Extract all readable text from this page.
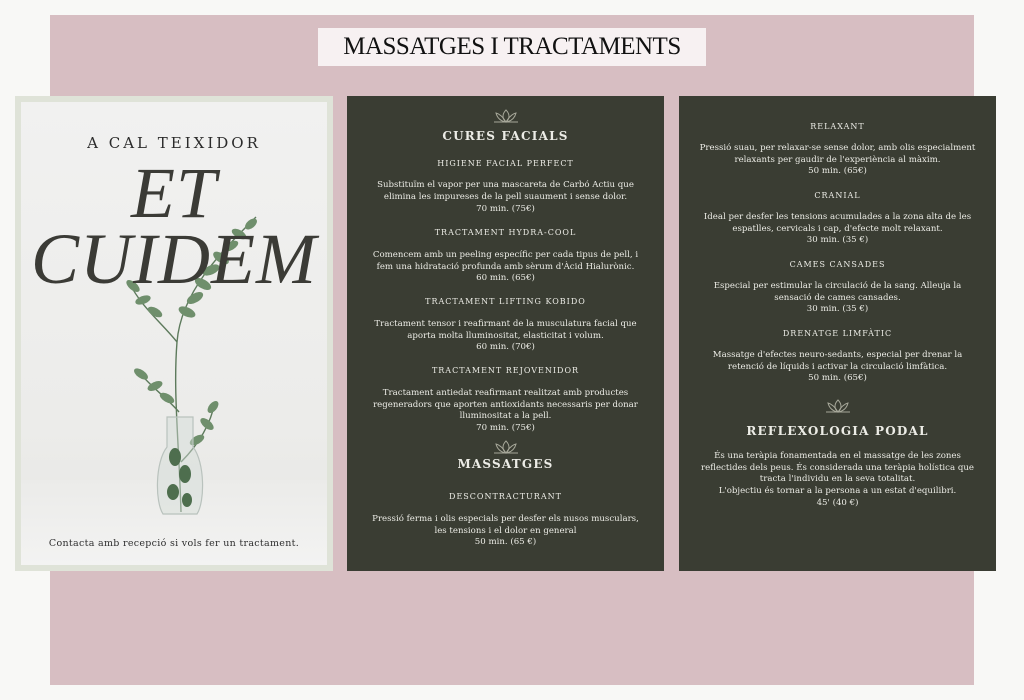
MASSATGES I TRACTAMENTS
A CAL TEIXIDOR
ET
CUIDEM
Contacta amb recepció si vols fer un tractament.
CURES FACIALS
HIGIENE FACIAL PERFECT
Substituïm el vapor per una mascareta de Carbó Actiu que
elimina les impureses de la pell suaument i sense dolor.
70 min. (75€)
TRACTAMENT HYDRA-COOL
Comencem amb un peeling específic per cada tipus de pell, i
fem una hidratació profunda amb sèrum d'Àcid Hialurònic.
60 min. (65€)
TRACTAMENT LIFTING KOBIDO
Tractament tensor i reafirmant de la musculatura facial que
aporta molta lluminositat, elasticitat i volum.
60 min. (70€)
TRACTAMENT REJOVENIDOR
Tractament antiedat reafirmant realitzat amb productes
regeneradors que aporten antioxidants necessaris per donar
lluminositat a la pell.
70 min. (75€)
MASSATGES
DESCONTRACTURANT
Pressió ferma i olis especials per desfer els nusos musculars,
les tensions i el dolor en general
50 min. (65 €)
RELAXANT
Pressió suau, per relaxar-se sense dolor, amb olis especialment
relaxants per gaudir de l'experiència al màxim.
50 min. (65€)
CRANIAL
Ideal per desfer les tensions acumulades a la zona alta de les
espatlles, cervicals i cap, d'efecte molt relaxant.
30 min. (35 €)
CAMES CANSADES
Especial per estimular la circulació de la sang. Alleuja la
sensació de cames cansades.
30 min. (35 €)
DRENATGE LIMFÀTIC
Massatge d'efectes neuro-sedants, especial per drenar la
retenció de líquids i activar la circulació limfàtica.
50 min. (65€)
REFLEXOLOGIA PODAL
És una teràpia fonamentada en el massatge de les zones
reflectides dels peus. És considerada una teràpia holística que
tracta l'individu en la seva totalitat.
L'objectiu és tornar a la persona a un estat d'equilibri.
45' (40 €)
